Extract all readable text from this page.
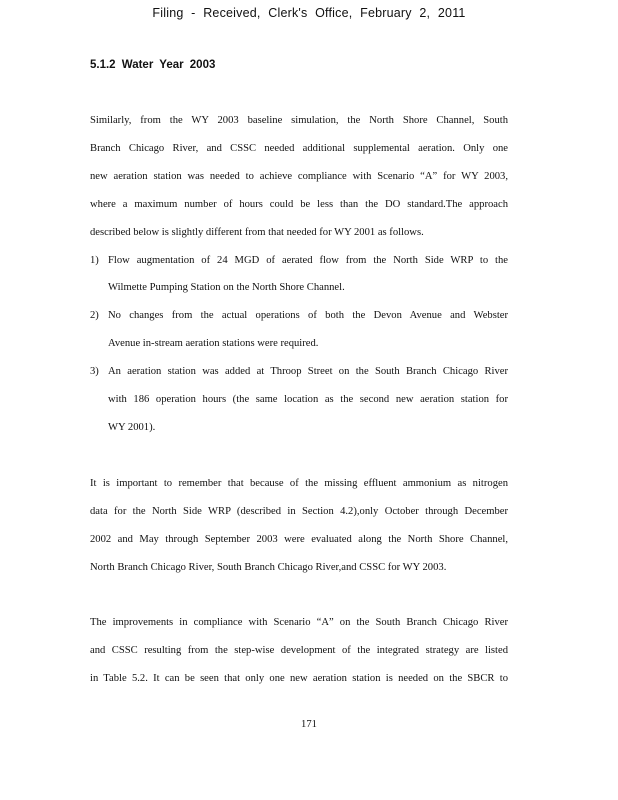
Filing - Received, Clerk's Office, February 2, 2011
5.1.2 Water Year 2003

Similarly, from the WY 2003 baseline simulation, the North Shore Channel, South

Branch Chicago River, and CSSC needed additional supplemental aeration. Only one

new aeration station was needed to achieve compliance with Scenario “A” for WY 2003,

where a maximum number of hours could be less than the DO standard.The approach

described below is slightly different from that needed for WY 2001 as follows.

1) Flow augmentation of 24 MGD of aerated flow from the North Side WRP to the

Wilmette Pumping Station on the North Shore Channel.

2) No changes from the actual operations of both the Devon Avenue and Webster

Avenue in-stream aeration stations were required.

3) An aeration station was added at Throop Street on the South Branch Chicago River

with 186 operation hours (the same location as the second new aeration station for

WY 2001).

It is important to remember that because of the missing effluent ammonium as nitrogen

data for the North Side WRP (described in Section 4.2),only October through December

2002 and May through September 2003 were evaluated along the North Shore Channel,

North Branch Chicago River, South Branch Chicago River,and CSSC for WY 2003.

The improvements in compliance with Scenario “A” on the South Branch Chicago River

and CSSC resulting from the step-wise development of the integrated strategy are listed

in Table 5.2. It can be seen that only one new aeration station is needed on the SBCR to

171
